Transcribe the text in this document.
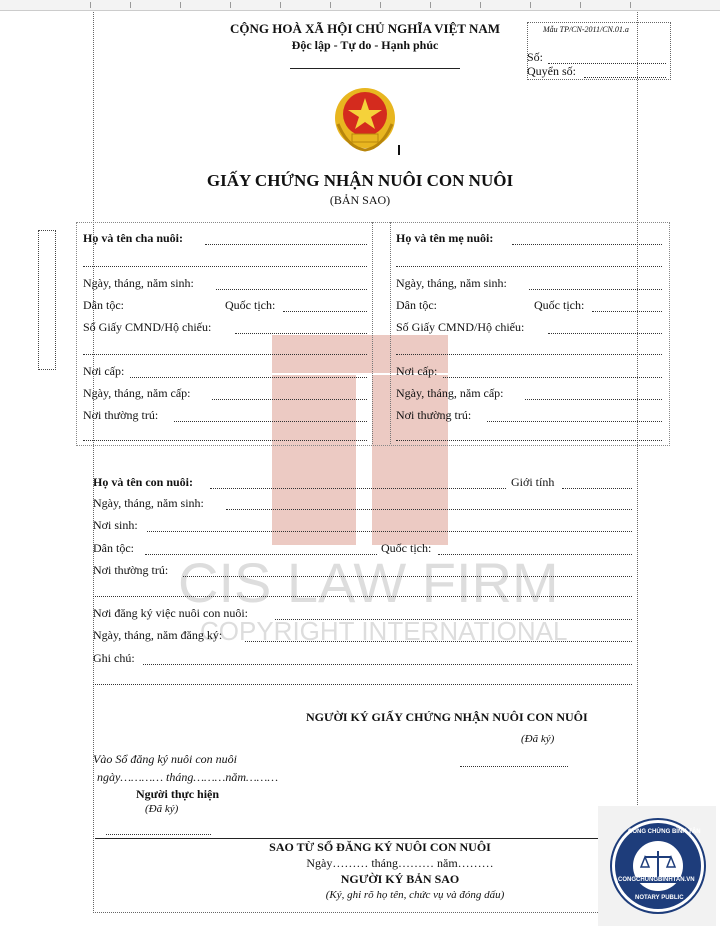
CIS LAW FIRM
COPYRIGHT INTERNATIONAL
CỘNG HOÀ XÃ HỘI CHỦ NGHĨA VIỆT NAM
Độc lập - Tự do - Hạnh phúc
Mẫu TP/CN-2011/CN.01.a
Số:
Quyển số:
GIẤY CHỨNG NHẬN NUÔI CON NUÔI
(BẢN SAO)
Họ và tên cha nuôi:
Ngày, tháng, năm sinh:
Dân tộc:	Quốc tịch:
Số Giấy CMND/Hộ chiếu:
Nơi cấp:
Ngày, tháng, năm cấp:
Nơi thường trú:
Họ và tên mẹ nuôi:
Ngày, tháng, năm sinh:
Dân tộc:	Quốc tịch:
Số Giấy CMND/Hộ chiếu:
Nơi cấp:
Ngày, tháng, năm cấp:
Nơi thường trú:
Họ và tên con nuôi:	Giới tính
Ngày, tháng, năm sinh:
Nơi sinh:
Dân tộc:	Quốc tịch:
Nơi thường trú:
Nơi đăng ký việc nuôi con nuôi:
Ngày, tháng, năm đăng ký:
Ghi chú:
NGƯỜI KÝ GIẤY CHỨNG NHẬN NUÔI CON NUÔI
(Đã ký)
Vào Sổ đăng ký nuôi con nuôi
ngày………… tháng………năm………
Người thực hiện
(Đã ký)
SAO TỪ SỔ ĐĂNG KÝ NUÔI CON NUÔI
Ngày……… tháng……… năm………
NGƯỜI KÝ BẢN SAO
(Ký, ghi rõ họ tên, chức vụ và đóng dấu)
CÔNG CHỨNG BÌNH TÂN
CONGCHUNGBINHTAN.VN
NOTARY PUBLIC
